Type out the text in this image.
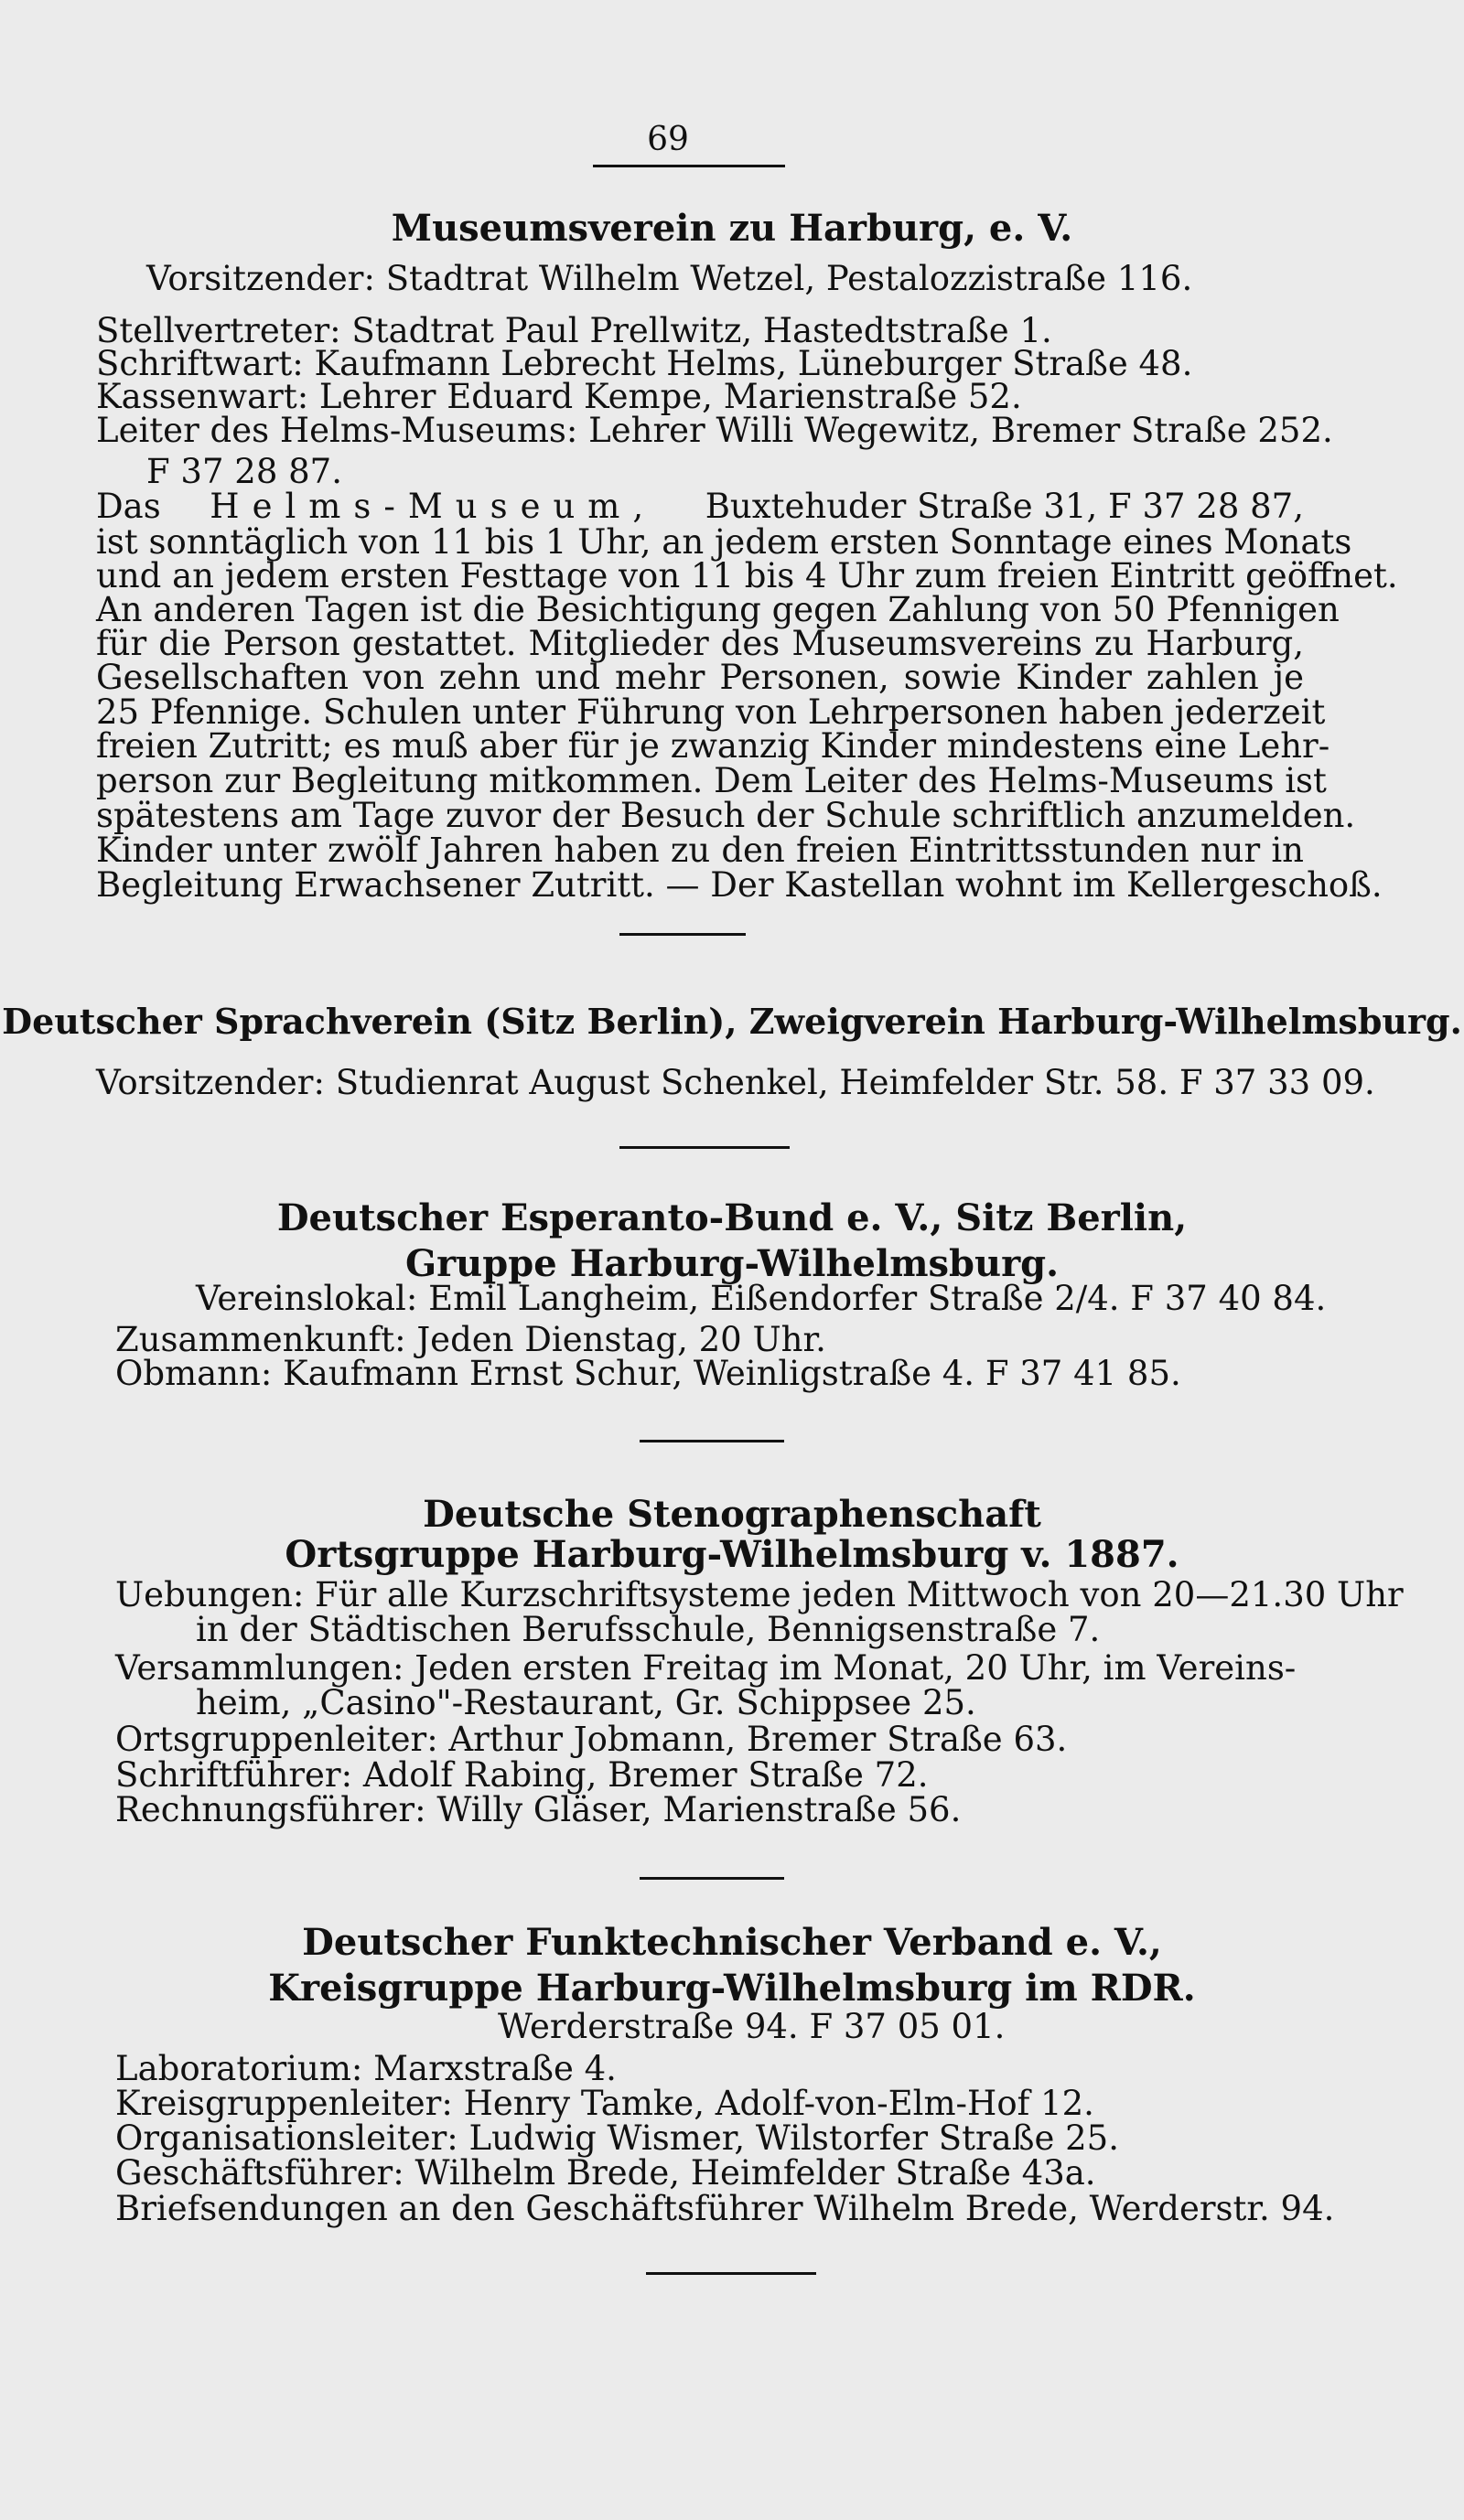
69
Museumsverein zu Harburg, e. V.
Vorsitzender: Stadtrat Wilhelm Wetzel, Pestalozzistraße 116.
Stellvertreter: Stadtrat Paul Prellwitz, Hastedtstraße 1.
Schriftwart: Kaufmann Lebrecht Helms, Lüneburger Straße 48.
Kassenwart: Lehrer Eduard Kempe, Marienstraße 52.
Leiter des Helms-Museums: Lehrer Willi Wegewitz, Bremer Straße 252.
F 37 28 87.
Das Helms-Museum, Buxtehuder Straße 31, F 37 28 87,
ist sonntäglich von 11 bis 1 Uhr, an jedem ersten Sonntage eines Monats
und an jedem ersten Festtage von 11 bis 4 Uhr zum freien Eintritt geöffnet.
An anderen Tagen ist die Besichtigung gegen Zahlung von 50 Pfennigen
für die Person gestattet. Mitglieder des Museumsvereins zu Harburg,
Gesellschaften von zehn und mehr Personen, sowie Kinder zahlen je
25 Pfennige. Schulen unter Führung von Lehrpersonen haben jederzeit
freien Zutritt; es muß aber für je zwanzig Kinder mindestens eine Lehr-
person zur Begleitung mitkommen. Dem Leiter des Helms-Museums ist
spätestens am Tage zuvor der Besuch der Schule schriftlich anzumelden.
Kinder unter zwölf Jahren haben zu den freien Eintrittsstunden nur in
Begleitung Erwachsener Zutritt. — Der Kastellan wohnt im Kellergeschoß.
Deutscher Sprachverein (Sitz Berlin), Zweigverein Harburg-Wilhelmsburg.
Vorsitzender: Studienrat August Schenkel, Heimfelder Str. 58. F 37 33 09.
Deutscher Esperanto-Bund e. V., Sitz Berlin,
Gruppe Harburg-Wilhelmsburg.
Vereinslokal: Emil Langheim, Eißendorfer Straße 2/4. F 37 40 84.
Zusammenkunft: Jeden Dienstag, 20 Uhr.
Obmann: Kaufmann Ernst Schur, Weinligstraße 4. F 37 41 85.
Deutsche Stenographenschaft
Ortsgruppe Harburg-Wilhelmsburg v. 1887.
Uebungen: Für alle Kurzschriftsysteme jeden Mittwoch von 20—21.30 Uhr
in der Städtischen Berufsschule, Bennigsenstraße 7.
Versammlungen: Jeden ersten Freitag im Monat, 20 Uhr, im Vereins-
heim, „Casino"-Restaurant, Gr. Schippsee 25.
Ortsgruppenleiter: Arthur Jobmann, Bremer Straße 63.
Schriftführer: Adolf Rabing, Bremer Straße 72.
Rechnungsführer: Willy Gläser, Marienstraße 56.
Deutscher Funktechnischer Verband e. V.,
Kreisgruppe Harburg-Wilhelmsburg im RDR.
Werderstraße 94. F 37 05 01.
Laboratorium: Marxstraße 4.
Kreisgruppenleiter: Henry Tamke, Adolf-von-Elm-Hof 12.
Organisationsleiter: Ludwig Wismer, Wilstorfer Straße 25.
Geschäftsführer: Wilhelm Brede, Heimfelder Straße 43a.
Briefsendungen an den Geschäftsführer Wilhelm Brede, Werderstr. 94.
